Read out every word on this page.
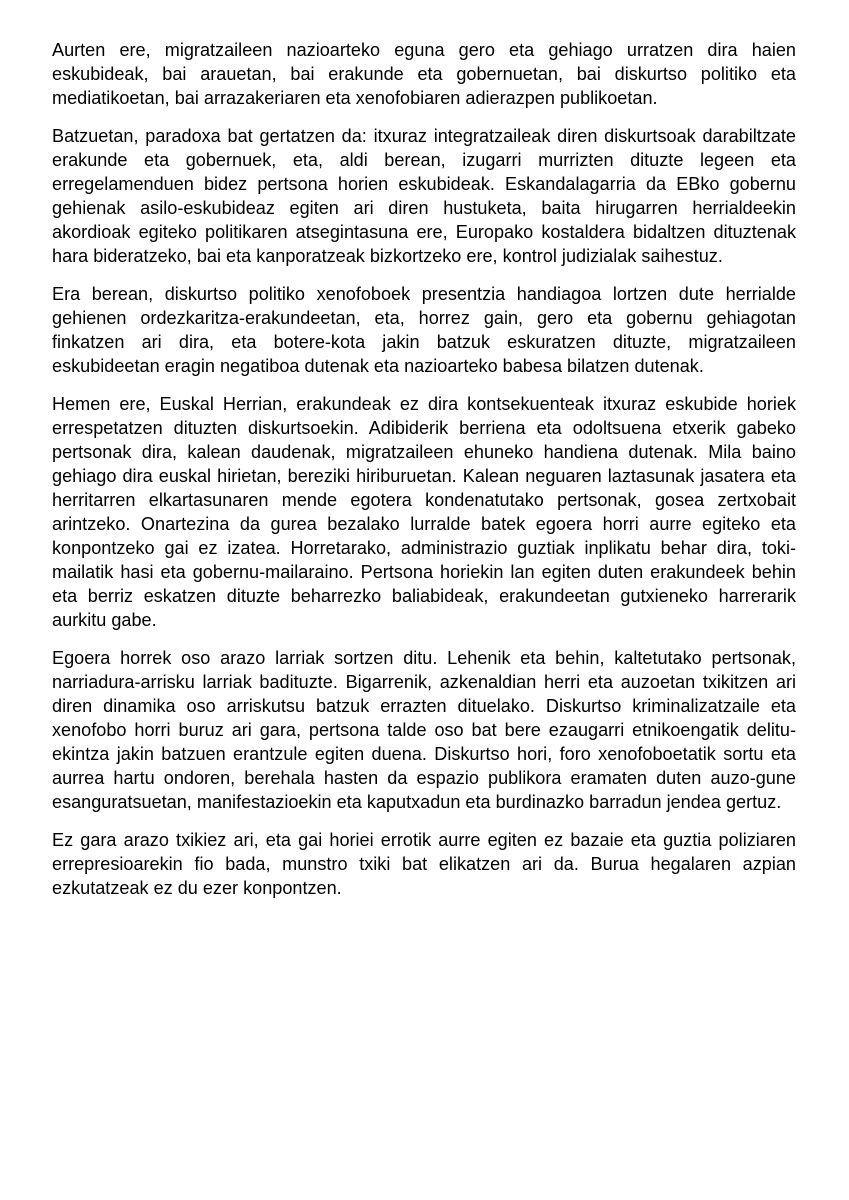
Aurten ere, migratzaileen nazioarteko eguna gero eta gehiago urratzen dira haien eskubideak, bai arauetan, bai erakunde eta gobernuetan, bai diskurtso politiko eta mediatikoetan, bai arrazakeriaren eta xenofobiaren adierazpen publikoetan.

Batzuetan, paradoxa bat gertatzen da: itxuraz integratzaileak diren diskurtsoak darabiltzate erakunde eta gobernuek, eta, aldi berean, izugarri murrizten dituzte legeen eta erregelamenduen bidez pertsona horien eskubideak. Eskandalagarria da EBko gobernu gehienak asilo-eskubideaz egiten ari diren hustuketa, baita hirugarren herrialdeekin akordioak egiteko politikaren atsegintasuna ere, Europako kostaldera bidaltzen dituztenak hara bideratzeko, bai eta kanporatzeak bizkortzeko ere, kontrol judizialak saihestuz.

Era berean, diskurtso politiko xenofoboek presentzia handiagoa lortzen dute herrialde gehienen ordezkaritza-erakundeetan, eta, horrez gain, gero eta gobernu gehiagotan finkatzen ari dira, eta botere-kota jakin batzuk eskuratzen dituzte, migratzaileen eskubideetan eragin negatiboa dutenak eta nazioarteko babesa bilatzen dutenak.

Hemen ere, Euskal Herrian, erakundeak ez dira kontsekuenteak itxuraz eskubide horiek errespetatzen dituzten diskurtsoekin. Adibiderik berriena eta odoltsuena etxerik gabeko pertsonak dira, kalean daudenak, migratzaileen ehuneko handiena dutenak. Mila baino gehiago dira euskal hirietan, bereziki hiriburuetan. Kalean neguaren laztasunak jasatera eta herritarren elkartasunaren mende egotera kondenatutako pertsonak, gosea zertxobait arintzeko. Onartezina da gurea bezalako lurralde batek egoera horri aurre egiteko eta konpontzeko gai ez izatea. Horretarako, administrazio guztiak inplikatu behar dira, toki-mailatik hasi eta gobernu-mailaraino. Pertsona horiekin lan egiten duten erakundeek behin eta berriz eskatzen dituzte beharrezko baliabideak, erakundeetan gutxieneko harrerarik aurkitu gabe.

Egoera horrek oso arazo larriak sortzen ditu. Lehenik eta behin, kaltetutako pertsonak, narriadura-arrisku larriak badituzte. Bigarrenik, azkenaldian herri eta auzoetan txikitzen ari diren dinamika oso arriskutsu batzuk errazten dituelako. Diskurtso kriminalizatzaile eta xenofobo horri buruz ari gara, pertsona talde oso bat bere ezaugarri etnikoengatik delitu-ekintza jakin batzuen erantzule egiten duena. Diskurtso hori, foro xenofoboetatik sortu eta aurrea hartu ondoren, berehala hasten da espazio publikora eramaten duten auzo-gune esanguratsuetan, manifestazioekin eta kaputxadun eta burdinazko barradun jendea gertuz.

Ez gara arazo txikiez ari, eta gai horiei errotik aurre egiten ez bazaie eta guztia poliziaren errepresioarekin fio bada, munstro txiki bat elikatzen ari da. Burua hegalaren azpian ezkutatzeak ez du ezer konpontzen.
